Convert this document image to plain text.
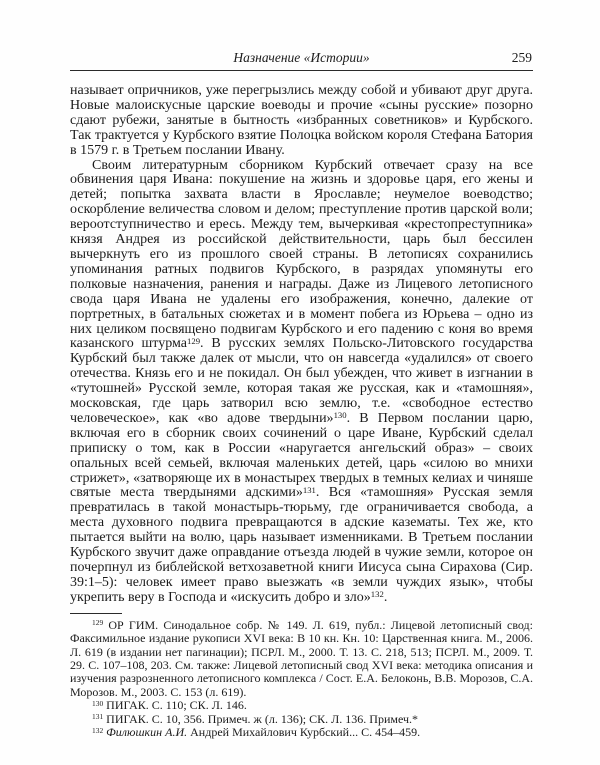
Назначение «Истории»	259

называет опричников, уже перегрызлись между собой и убивают друг друга. Новые малоискусные царские воеводы и прочие «сыны русские» позорно сдают рубежи, занятые в бытность «избранных советников» и Курбского. Так трактуется у Курбского взятие Полоцка войском короля Стефана Батория в 1579 г. в Третьем послании Ивану.

Своим литературным сборником Курбский отвечает сразу на все обвинения царя Ивана: покушение на жизнь и здоровье царя, его жены и детей; попытка захвата власти в Ярославле; неумелое воеводство; оскорбление величества словом и делом; преступление против царской воли; вероотступничество и ересь. Между тем, вычеркивая «крестопреступника» князя Андрея из российской действительности, царь был бессилен вычеркнуть его из прошлого своей страны. В летописях сохранились упоминания ратных подвигов Курбского, в разрядах упомянуты его полковые назначения, ранения и награды. Даже из Лицевого летописного свода царя Ивана не удалены его изображения, конечно, далекие от портретных, в батальных сюжетах и в момент побега из Юрьева – одно из них целиком посвящено подвигам Курбского и его падению с коня во время казанского штурма$^{129}$. В русских землях Польско-Литовского государства Курбский был также далек от мысли, что он навсегда «удалился» от своего отечества. Князь его и не покидал. Он был убежден, что живет в изгнании в «тутошней» Русской земле, которая такая же русская, как и «тамошняя», московская, где царь затворил всю землю, т.е. «свободное естество человеческое», как «во адове твердыни»$^{130}$. В Первом послании царю, включая его в сборник своих сочинений о царе Иване, Курбский сделал приписку о том, как в России «наругается ангельский образ» – своих опальных всей семьей, включая маленьких детей, царь «силою во мнихи стрижет», «затворяюще их в монастырех твердых в темных келиах и чиняше святые места твердынями адскими»$^{131}$. Вся «тамошняя» Русская земля превратилась в такой монастырь-тюрьму, где ограничивается свобода, а места духовного подвига превращаются в адские казематы. Тех же, кто пытается выйти на волю, царь называет изменниками. В Третьем послании Курбского звучит даже оправдание отъезда людей в чужие земли, которое он почерпнул из библейской ветхозаветной книги Иисуса сына Сирахова (Сир. 39:1–5): человек имеет право выезжать «в земли чуждих язык», чтобы укрепить веру в Господа и «искусить добро и зло»$^{132}$.

$^{129}$ ОР ГИМ. Синодальное собр. № 149. Л. 619, публ.: Лицевой летописный свод: Факсимильное издание рукописи XVI века: В 10 кн. Кн. 10: Царственная книга. М., 2006. Л. 619 (в издании нет пагинации); ПСРЛ. М., 2000. Т. 13. С. 218, 513; ПСРЛ. М., 2009. Т. 29. С. 107–108, 203. См. также: Лицевой летописный свод XVI века: методика описания и изучения разрозненного летописного комплекса / Сост. Е.А. Белоконь, В.В. Морозов, С.А. Морозов. М., 2003. С. 153 (л. 619).

$^{130}$ ПИГАК. С. 110; СК. Л. 146.

$^{131}$ ПИГАК. С. 10, 356. Примеч. ж (л. 136); СК. Л. 136. Примеч.*

$^{132}$ Филюшкин А.И. Андрей Михайлович Курбский... С. 454–459.
